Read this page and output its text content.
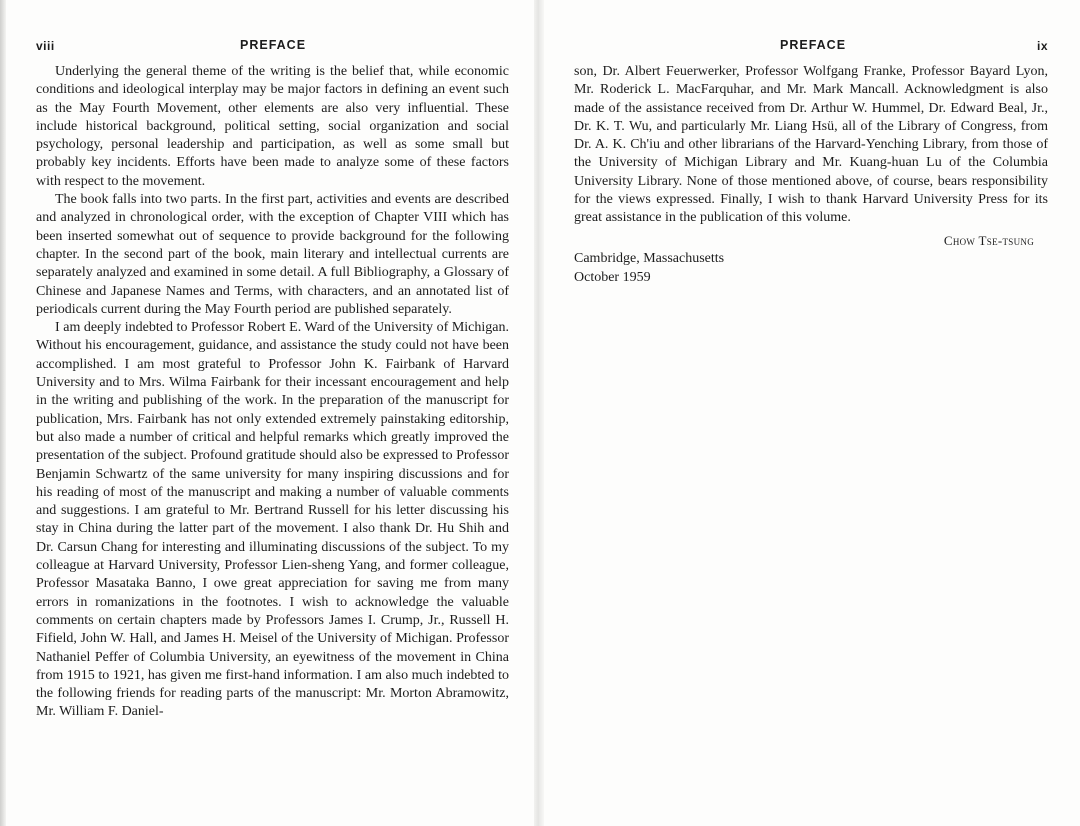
viii	PREFACE

Underlying the general theme of the writing is the belief that, while economic conditions and ideological interplay may be major factors in defining an event such as the May Fourth Movement, other elements are also very influential. These include historical background, political setting, social organization and social psychology, personal leadership and participation, as well as some small but probably key incidents. Efforts have been made to analyze some of these factors with respect to the movement.

The book falls into two parts. In the first part, activities and events are described and analyzed in chronological order, with the exception of Chapter VIII which has been inserted somewhat out of sequence to provide background for the following chapter. In the second part of the book, main literary and intellectual currents are separately analyzed and examined in some detail. A full Bibliography, a Glossary of Chinese and Japanese Names and Terms, with characters, and an annotated list of periodicals current during the May Fourth period are published separately.

I am deeply indebted to Professor Robert E. Ward of the University of Michigan. Without his encouragement, guidance, and assistance the study could not have been accomplished. I am most grateful to Professor John K. Fairbank of Harvard University and to Mrs. Wilma Fairbank for their incessant encouragement and help in the writing and publishing of the work. In the preparation of the manuscript for publication, Mrs. Fairbank has not only extended extremely painstaking editorship, but also made a number of critical and helpful remarks which greatly improved the presentation of the subject. Profound gratitude should also be expressed to Professor Benjamin Schwartz of the same university for many inspiring discussions and for his reading of most of the manuscript and making a number of valuable comments and suggestions. I am grateful to Mr. Bertrand Russell for his letter discussing his stay in China during the latter part of the movement. I also thank Dr. Hu Shih and Dr. Carsun Chang for interesting and illuminating discussions of the subject. To my colleague at Harvard University, Professor Lien-sheng Yang, and former colleague, Professor Masataka Banno, I owe great appreciation for saving me from many errors in romanizations in the footnotes. I wish to acknowledge the valuable comments on certain chapters made by Professors James I. Crump, Jr., Russell H. Fifield, John W. Hall, and James H. Meisel of the University of Michigan. Professor Nathaniel Peffer of Columbia University, an eyewitness of the movement in China from 1915 to 1921, has given me first-hand information. I am also much indebted to the following friends for reading parts of the manuscript: Mr. Morton Abramowitz, Mr. William F. Daniel-

PREFACE	ix

son, Dr. Albert Feuerwerker, Professor Wolfgang Franke, Professor Bayard Lyon, Mr. Roderick L. MacFarquhar, and Mr. Mark Mancall. Acknowledgment is also made of the assistance received from Dr. Arthur W. Hummel, Dr. Edward Beal, Jr., Dr. K. T. Wu, and particularly Mr. Liang Hsü, all of the Library of Congress, from Dr. A. K. Ch'iu and other librarians of the Harvard-Yenching Library, from those of the University of Michigan Library and Mr. Kuang-huan Lu of the Columbia University Library. None of those mentioned above, of course, bears responsibility for the views expressed. Finally, I wish to thank Harvard University Press for its great assistance in the publication of this volume.

Chow Tse-tsung
Cambridge, Massachusetts
October 1959
